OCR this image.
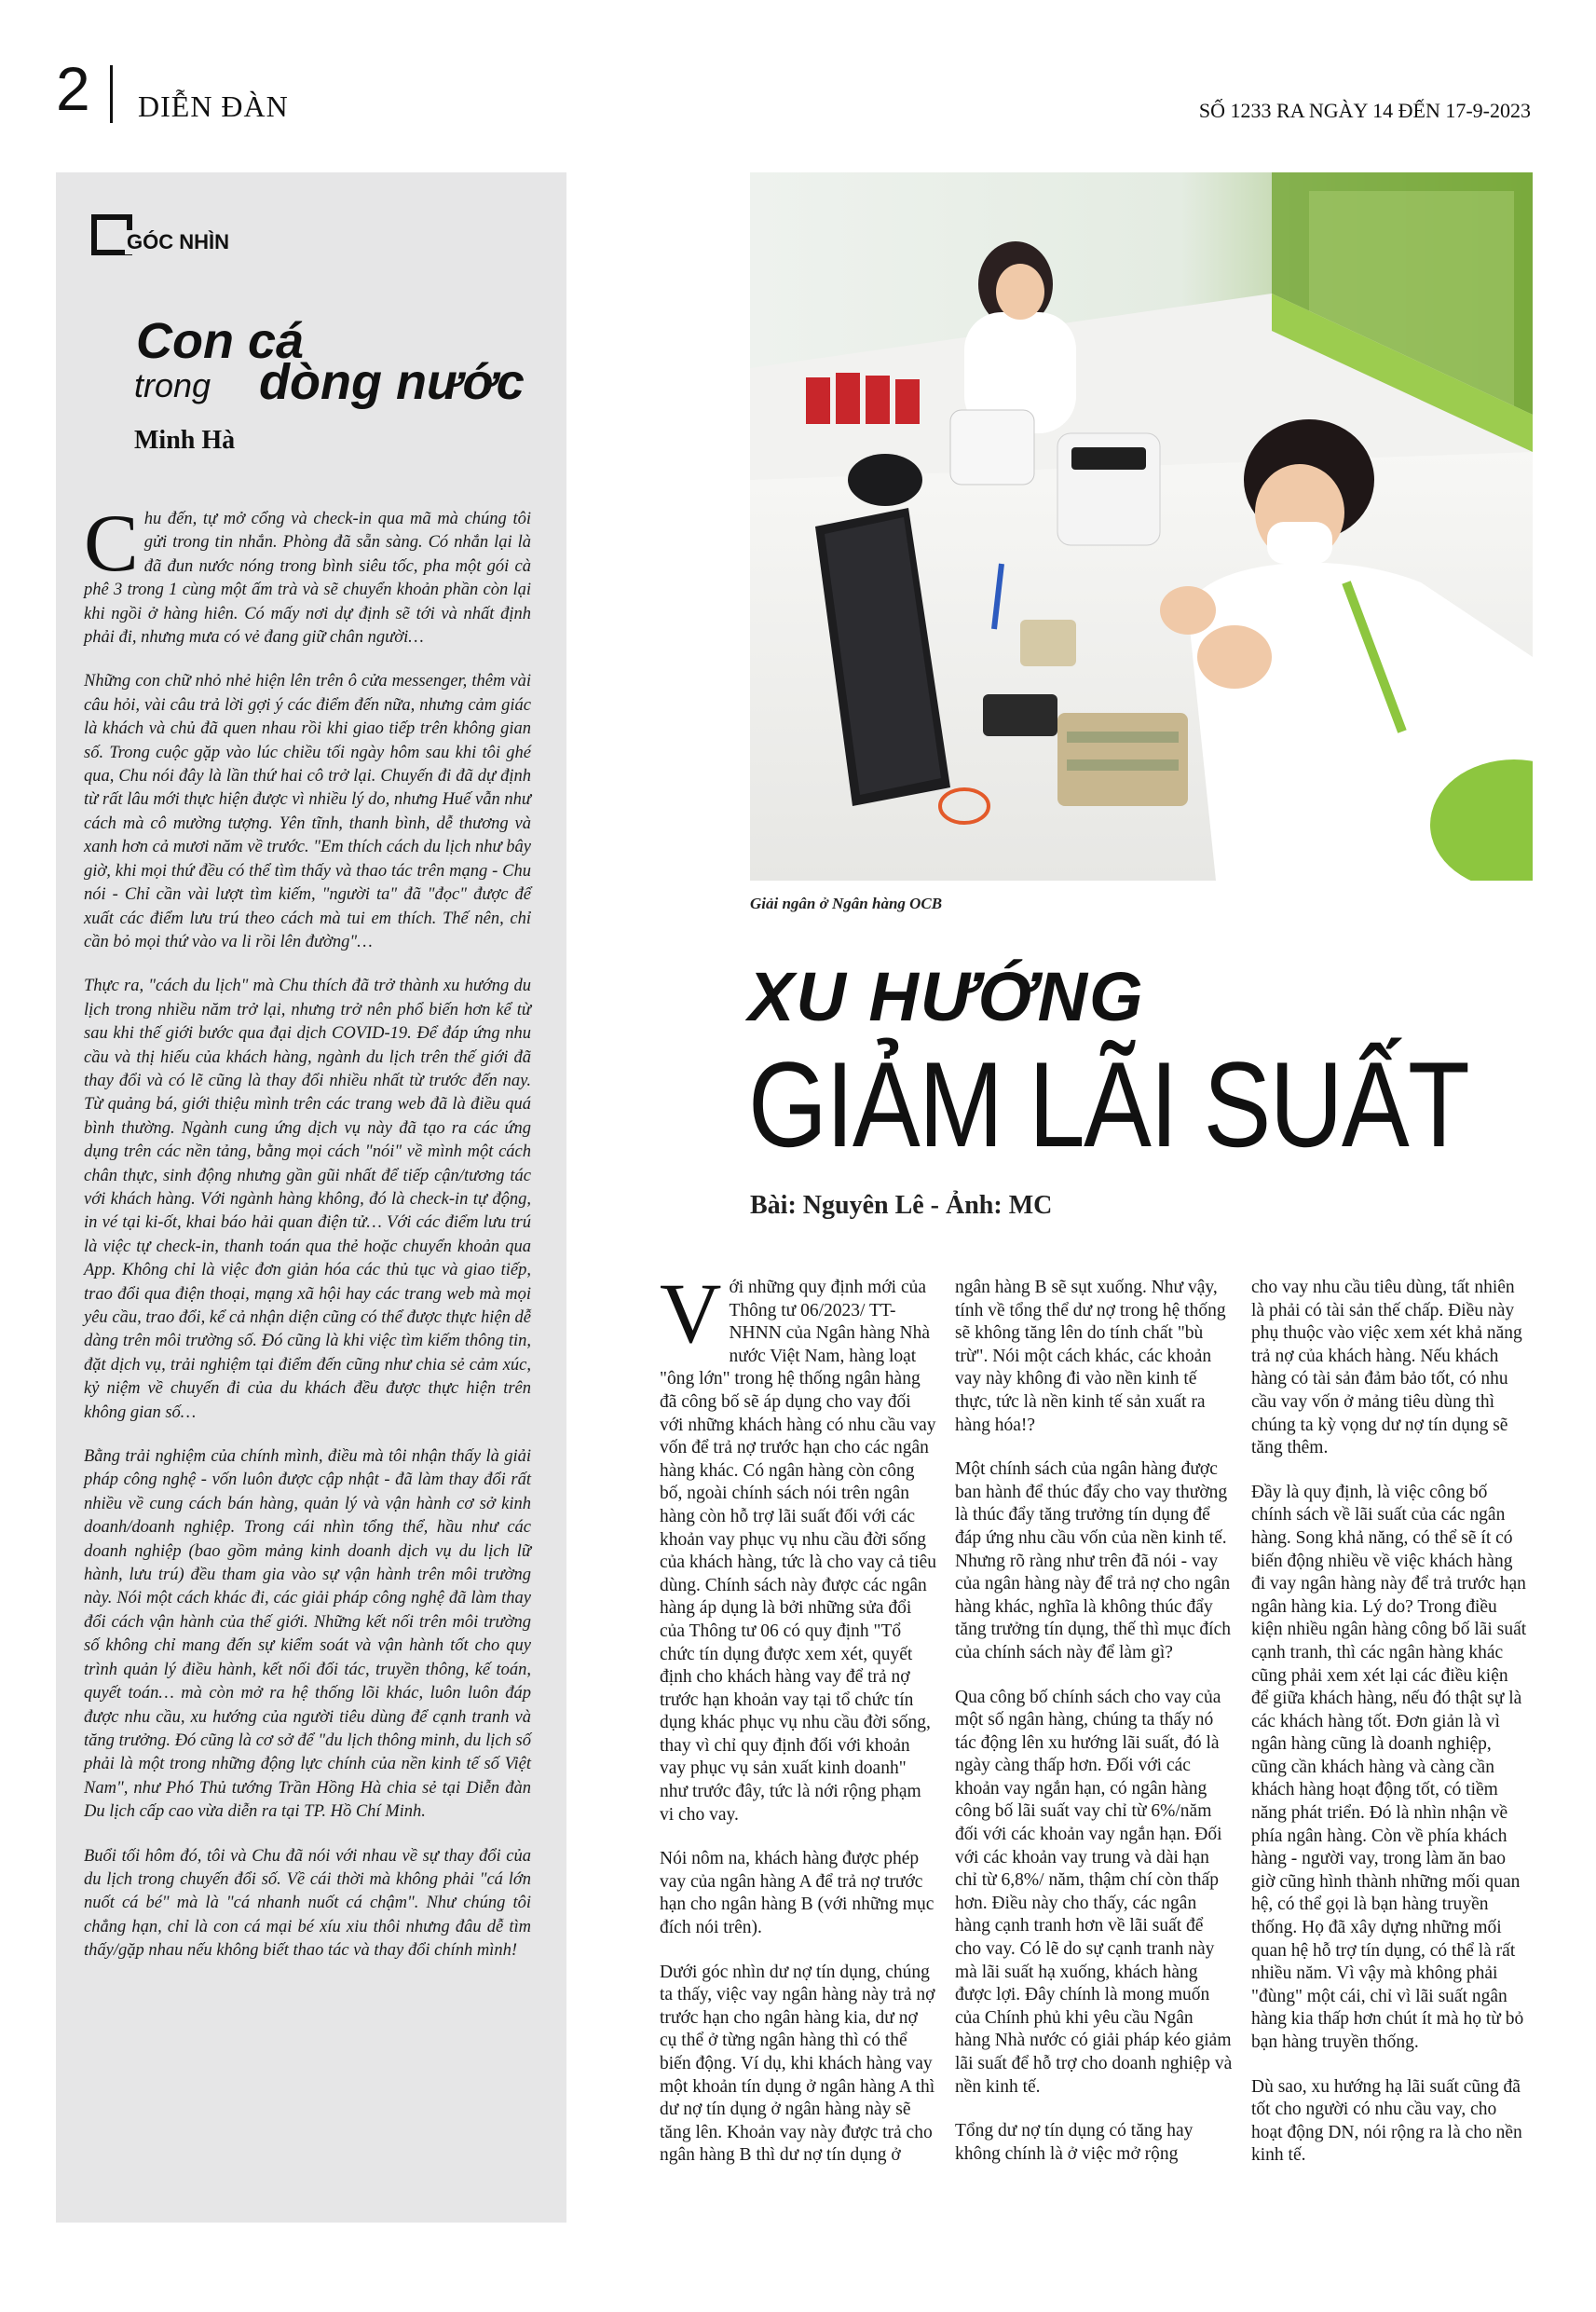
2 DIỄN ĐÀN	SỐ 1233 RA NGÀY 14 ĐẾN 17-9-2023
GÓC NHÌN
Con cá
trong dòng nước
Minh Hà

Chu đến, tự mở cổng và check-in qua mã mà chúng tôi gửi trong tin nhắn. Phòng đã sẵn sàng. Có nhắn lại là đã đun nước nóng trong bình siêu tốc, pha một gói cà phê 3 trong 1 cùng một ấm trà và sẽ chuyển khoản phần còn lại khi ngồi ở hàng hiên. Có mấy nơi dự định sẽ tới và nhất định phải đi, nhưng mưa có vẻ đang giữ chân người…

Những con chữ nhỏ nhẻ hiện lên trên ô cửa messenger, thêm vài câu hỏi, vài câu trả lời gợi ý các điểm đến nữa, nhưng cảm giác là khách và chủ đã quen nhau rồi khi giao tiếp trên không gian số. Trong cuộc gặp vào lúc chiều tối ngày hôm sau khi tôi ghé qua, Chu nói đây là lần thứ hai cô trở lại. Chuyến đi đã dự định từ rất lâu mới thực hiện được vì nhiều lý do, nhưng Huế vẫn như cách mà cô mường tượng. Yên tĩnh, thanh bình, dễ thương và xanh hơn cả mươi năm về trước. "Em thích cách du lịch như bây giờ, khi mọi thứ đều có thể tìm thấy và thao tác trên mạng - Chu nói - Chỉ cần vài lượt tìm kiếm, "người ta" đã "đọc" được để xuất các điểm lưu trú theo cách mà tui em thích. Thế nên, chỉ cần bỏ mọi thứ vào va li rồi lên đường"…

Thực ra, "cách du lịch" mà Chu thích đã trở thành xu hướng du lịch trong nhiều năm trở lại, nhưng trở nên phổ biến hơn kể từ sau khi thế giới bước qua đại dịch COVID-19. Để đáp ứng nhu cầu và thị hiếu của khách hàng, ngành du lịch trên thế giới đã thay đổi và có lẽ cũng là thay đổi nhiều nhất từ trước đến nay. Từ quảng bá, giới thiệu mình trên các trang web đã là điều quá bình thường. Ngành cung ứng dịch vụ này đã tạo ra các ứng dụng trên các nền tảng, bằng mọi cách "nói" về mình một cách chân thực, sinh động nhưng gần gũi nhất để tiếp cận/tương tác với khách hàng. Với ngành hàng không, đó là check-in tự động, in vé tại ki-ốt, khai báo hải quan điện tử… Với các điểm lưu trú là việc tự check-in, thanh toán qua thẻ hoặc chuyển khoản qua App. Không chỉ là việc đơn giản hóa các thủ tục và giao tiếp, trao đổi qua điện thoại, mạng xã hội hay các trang web mà mọi yêu cầu, trao đổi, kể cả nhận diện cũng có thể được thực hiện dễ dàng trên môi trường số. Đó cũng là khi việc tìm kiếm thông tin, đặt dịch vụ, trải nghiệm tại điểm đến cũng như chia sẻ cảm xúc, kỷ niệm về chuyến đi của du khách đều được thực hiện trên không gian số…

Bằng trải nghiệm của chính mình, điều mà tôi nhận thấy là giải pháp công nghệ - vốn luôn được cập nhật - đã làm thay đổi rất nhiều về cung cách bán hàng, quản lý và vận hành cơ sở kinh doanh/doanh nghiệp. Trong cái nhìn tổng thể, hầu như các doanh nghiệp (bao gồm mảng kinh doanh dịch vụ du lịch lữ hành, lưu trú) đều tham gia vào sự vận hành trên môi trường này. Nói một cách khác đi, các giải pháp công nghệ đã làm thay đổi cách vận hành của thế giới. Những kết nối trên môi trường số không chỉ mang đến sự kiểm soát và vận hành tốt cho quy trình quản lý điều hành, kết nối đối tác, truyền thông, kế toán, quyết toán… mà còn mở ra hệ thống lõi khác, luôn luôn đáp được nhu cầu, xu hướng của người tiêu dùng để cạnh tranh và tăng trưởng. Đó cũng là cơ sở để "du lịch thông minh, du lịch số phải là một trong những động lực chính của nền kinh tế số Việt Nam", như Phó Thủ tướng Trần Hồng Hà chia sẻ tại Diễn đàn Du lịch cấp cao vừa diễn ra tại TP. Hồ Chí Minh.

Buổi tối hôm đó, tôi và Chu đã nói với nhau về sự thay đổi của du lịch trong chuyến đổi số. Về cái thời mà không phải "cá lớn nuốt cá bé" mà là "cá nhanh nuốt cá chậm". Như chúng tôi chẳng hạn, chỉ là con cá mại bé xíu xiu thôi nhưng đâu dễ tìm thấy/gặp nhau nếu không biết thao tác và thay đổi chính mình!

Giải ngân ở Ngân hàng OCB
XU HƯỚNG
GIẢM LÃI SUẤT
Bài: Nguyên Lê - Ảnh: MC

Với những quy định mới của Thông tư 06/2023/ TT-NHNN của Ngân hàng Nhà nước Việt Nam, hàng loạt "ông lớn" trong hệ thống ngân hàng đã công bố sẽ áp dụng cho vay đối với những khách hàng có nhu cầu vay vốn để trả nợ trước hạn cho các ngân hàng khác. Có ngân hàng còn công bố, ngoài chính sách nói trên ngân hàng còn hỗ trợ lãi suất đối với các khoản vay phục vụ nhu cầu đời sống của khách hàng, tức là cho vay cả tiêu dùng. Chính sách này được các ngân hàng áp dụng là bởi những sửa đổi của Thông tư 06 có quy định "Tổ chức tín dụng được xem xét, quyết định cho khách hàng vay để trả nợ trước hạn khoản vay tại tổ chức tín dụng khác phục vụ nhu cầu đời sống, thay vì chỉ quy định đối với khoản vay phục vụ sản xuất kinh doanh" như trước đây, tức là nới rộng phạm vi cho vay.

Nói nôm na, khách hàng được phép vay của ngân hàng A để trả nợ trước hạn cho ngân hàng B (với những mục đích nói trên).

Dưới góc nhìn dư nợ tín dụng, chúng ta thấy, việc vay ngân hàng này trả nợ trước hạn cho ngân hàng kia, dư nợ cụ thể ở từng ngân hàng thì có thể biến động. Ví dụ, khi khách hàng vay một khoản tín dụng ở ngân hàng A thì dư nợ tín dụng ở ngân hàng này sẽ tăng lên. Khoản vay này được trả cho ngân hàng B thì dư nợ tín dụng ở

ngân hàng B sẽ sụt xuống. Như vậy, tính về tổng thể dư nợ trong hệ thống sẽ không tăng lên do tính chất "bù trừ". Nói một cách khác, các khoản vay này không đi vào nền kinh tế thực, tức là nền kinh tế sản xuất ra hàng hóa!?

Một chính sách của ngân hàng được ban hành để thúc đẩy cho vay thường là thúc đẩy tăng trưởng tín dụng để đáp ứng nhu cầu vốn của nền kinh tế. Nhưng rõ ràng như trên đã nói - vay của ngân hàng này để trả nợ cho ngân hàng khác, nghĩa là không thúc đẩy tăng trưởng tín dụng, thế thì mục đích của chính sách này để làm gì?

Qua công bố chính sách cho vay của một số ngân hàng, chúng ta thấy nó tác động lên xu hướng lãi suất, đó là ngày càng thấp hơn. Đối với các khoản vay ngắn hạn, có ngân hàng công bố lãi suất vay chỉ từ 6%/năm đối với các khoản vay ngắn hạn. Đối với các khoản vay trung và dài hạn chỉ từ 6,8%/ năm, thậm chí còn thấp hơn. Điều này cho thấy, các ngân hàng cạnh tranh hơn về lãi suất để cho vay. Có lẽ do sự cạnh tranh này mà lãi suất hạ xuống, khách hàng được lợi. Đây chính là mong muốn của Chính phủ khi yêu cầu Ngân hàng Nhà nước có giải pháp kéo giảm lãi suất để hỗ trợ cho doanh nghiệp và nền kinh tế.

Tổng dư nợ tín dụng có tăng hay không chính là ở việc mở rộng

cho vay nhu cầu tiêu dùng, tất nhiên là phải có tài sản thế chấp. Điều này phụ thuộc vào việc xem xét khả năng trả nợ của khách hàng. Nếu khách hàng có tài sản đảm bảo tốt, có nhu cầu vay vốn ở mảng tiêu dùng thì chúng ta kỳ vọng dư nợ tín dụng sẽ tăng thêm.

Đầy là quy định, là việc công bố chính sách về lãi suất của các ngân hàng. Song khả năng, có thể sẽ ít có biến động nhiều về việc khách hàng đi vay ngân hàng này để trả trước hạn ngân hàng kia. Lý do? Trong điều kiện nhiều ngân hàng công bố lãi suất cạnh tranh, thì các ngân hàng khác cũng phải xem xét lại các điều kiện để giữa khách hàng, nếu đó thật sự là các khách hàng tốt. Đơn giản là vì ngân hàng cũng là doanh nghiệp, cũng cần khách hàng và càng cần khách hàng hoạt động tốt, có tiềm năng phát triển. Đó là nhìn nhận về phía ngân hàng. Còn về phía khách hàng - người vay, trong làm ăn bao giờ cũng hình thành những mối quan hệ, có thể gọi là bạn hàng truyền thống. Họ đã xây dựng những mối quan hệ hỗ trợ tín dụng, có thể là rất nhiều năm. Vì vậy mà không phải "đùng" một cái, chỉ vì lãi suất ngân hàng kia thấp hơn chút ít mà họ từ bỏ bạn hàng truyền thống.

Dù sao, xu hướng hạ lãi suất cũng đã tốt cho người có nhu cầu vay, cho hoạt động DN, nói rộng ra là cho nền kinh tế.
